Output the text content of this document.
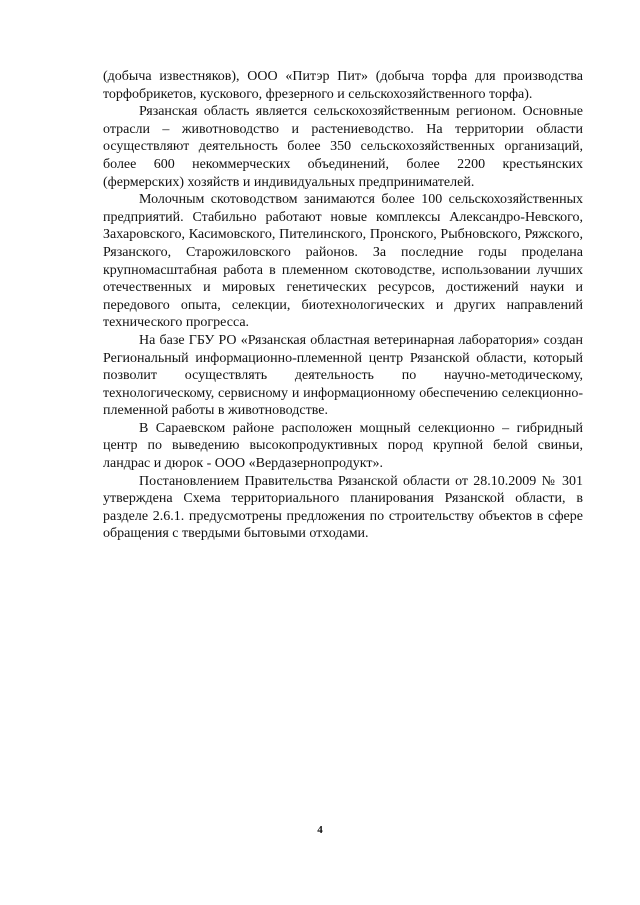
(добыча известняков), ООО «Питэр Пит» (добыча торфа для производства торфобрикетов, кускового, фрезерного и сельскохозяйственного торфа).

Рязанская область является сельскохозяйственным регионом. Основные отрасли – животноводство и растениеводство. На территории области осуществляют деятельность более 350 сельскохозяйственных организаций, более 600 некоммерческих объединений, более 2200 крестьянских (фермерских) хозяйств и индивидуальных предпринимателей.

Молочным скотоводством занимаются более 100 сельскохозяйственных предприятий. Стабильно работают новые комплексы Александро-Невского, Захаровского, Касимовского, Пителинского, Пронского, Рыбновского, Ряжского, Рязанского, Старожиловского районов. За последние годы проделана крупномасштабная работа в племенном скотоводстве, использовании лучших отечественных и мировых генетических ресурсов, достижений науки и передового опыта, селекции, биотехнологических и других направлений технического прогресса.

На базе ГБУ РО «Рязанская областная ветеринарная лаборатория» создан Региональный информационно-племенной центр Рязанской области, который позволит осуществлять деятельность по научно-методическому, технологическому, сервисному и информационному обеспечению селекционно-племенной работы в животноводстве.

В Сараевском районе расположен мощный селекционно – гибридный центр по выведению высокопродуктивных пород крупной белой свиньи, ландрас и дюрок - ООО «Вердазернопродукт».

Постановлением Правительства Рязанской области от 28.10.2009 № 301 утверждена Схема территориального планирования Рязанской области, в разделе 2.6.1. предусмотрены предложения по строительству объектов в сфере обращения с твердыми бытовыми отходами.

4
